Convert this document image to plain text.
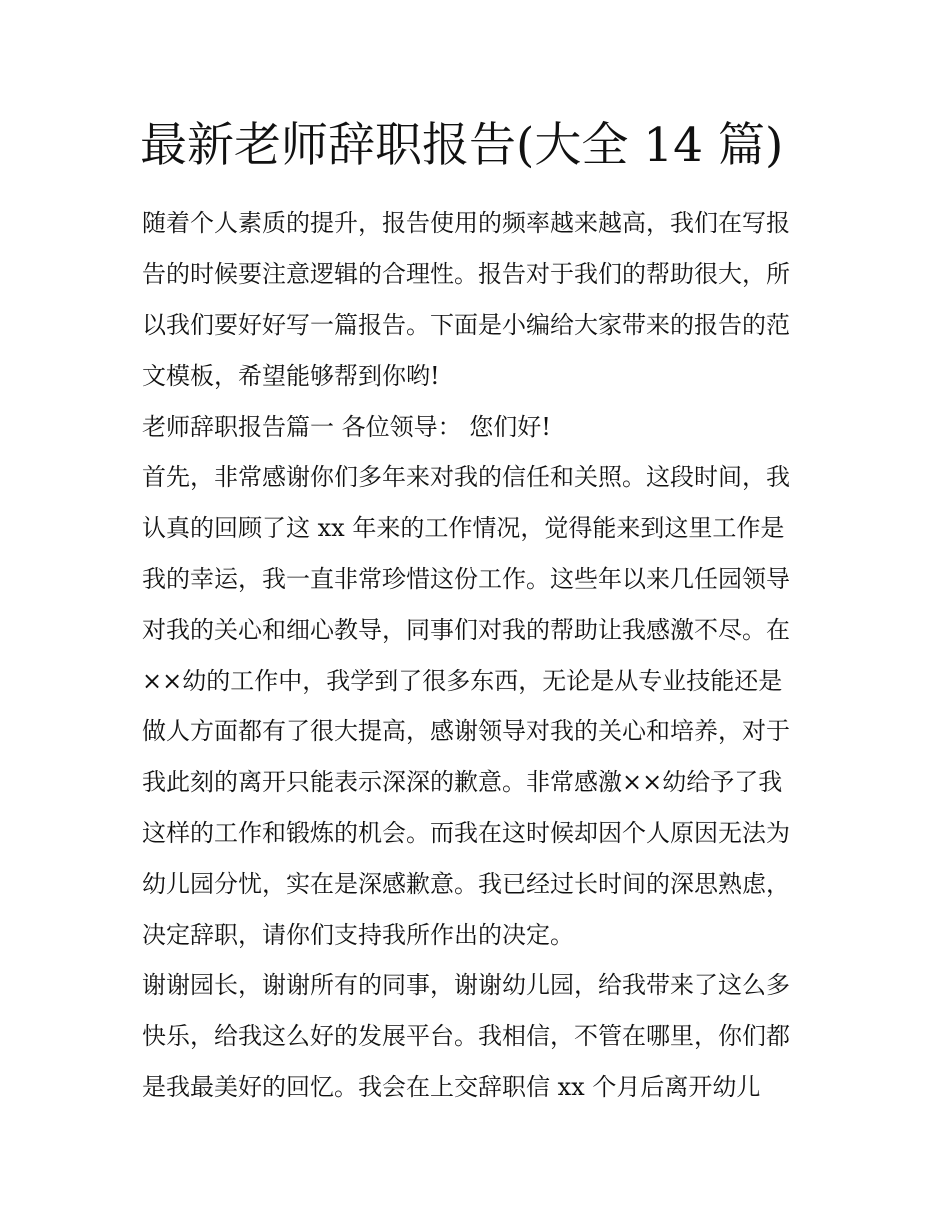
最新老师辞职报告(大全 14 篇)

随着个人素质的提升，报告使用的频率越来越高，我们在写报

告的时候要注意逻辑的合理性。报告对于我们的帮助很大，所

以我们要好好写一篇报告。下面是小编给大家带来的报告的范

文模板，希望能够帮到你哟!

老师辞职报告篇一 各位领导： 您们好!

首先，非常感谢你们多年来对我的信任和关照。这段时间，我

认真的回顾了这 xx 年来的工作情况，觉得能来到这里工作是

我的幸运，我一直非常珍惜这份工作。这些年以来几任园领导

对我的关心和细心教导，同事们对我的帮助让我感激不尽。在

××幼的工作中，我学到了很多东西，无论是从专业技能还是

做人方面都有了很大提高，感谢领导对我的关心和培养，对于

我此刻的离开只能表示深深的歉意。非常感激××幼给予了我

这样的工作和锻炼的机会。而我在这时候却因个人原因无法为

幼儿园分忧，实在是深感歉意。我已经过长时间的深思熟虑，

决定辞职，请你们支持我所作出的决定。

谢谢园长，谢谢所有的同事，谢谢幼儿园，给我带来了这么多

快乐，给我这么好的发展平台。我相信，不管在哪里，你们都

是我最美好的回忆。我会在上交辞职信 xx 个月后离开幼儿
